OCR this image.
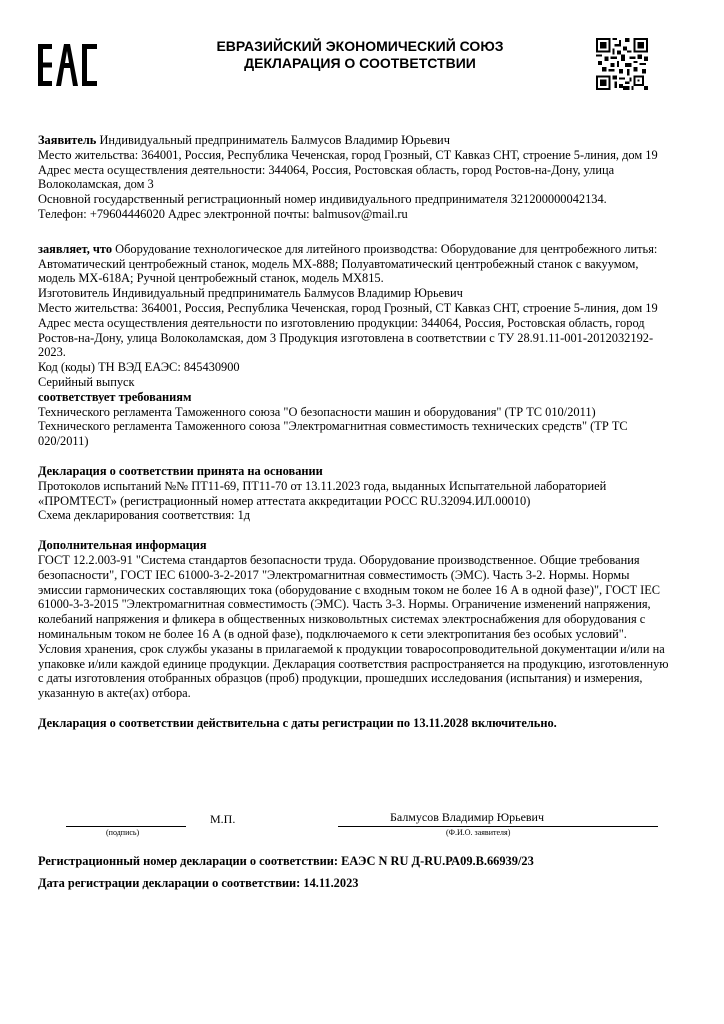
ЕВРАЗИЙСКИЙ ЭКОНОМИЧЕСКИЙ СОЮЗ
ДЕКЛАРАЦИЯ О СООТВЕТСТВИИ

Заявитель Индивидуальный предприниматель Балмусов Владимир Юрьевич

Место жительства: 364001, Россия, Республика Чеченская, город Грозный, СТ Кавказ СНТ, строение 5-линия, дом 19

Адрес места осуществления деятельности: 344064, Россия, Ростовская область, город Ростов-на-Дону, улица Волоколамская, дом 3

Основной государственный регистрационный номер индивидуального предпринимателя 321200000042134.

Телефон: +79604446020 Адрес электронной почты: balmusov@mail.ru

заявляет, что Оборудование технологическое для литейного производства: Оборудование для центробежного литья: Автоматический центробежный станок, модель MX-888; Полуавтоматический центробежный станок с вакуумом, модель MX-618A; Ручной центробежный станок, модель MX815.

Изготовитель Индивидуальный предприниматель Балмусов Владимир Юрьевич

Место жительства: 364001, Россия, Республика Чеченская, город Грозный, СТ Кавказ СНТ, строение 5-линия, дом 19

Адрес места осуществления деятельности по изготовлению продукции: 344064, Россия, Ростовская область, город Ростов-на-Дону, улица Волоколамская, дом 3 Продукция изготовлена в соответствии с ТУ 28.91.11-001-2012032192-2023.

Код (коды) ТН ВЭД ЕАЭС: 845430900

Серийный выпуск

соответствует требованиям

Технического регламента Таможенного союза "О безопасности машин и оборудования" (ТР ТС 010/2011)

Технического регламента Таможенного союза "Электромагнитная совместимость технических средств" (ТР ТС 020/2011)

Декларация о соответствии принята на основании

Протоколов испытаний №№ ПТ11-69, ПТ11-70 от 13.11.2023 года, выданных Испытательной лабораторией «ПРОМТЕСТ» (регистрационный номер аттестата аккредитации РОСС RU.32094.ИЛ.00010)

Схема декларирования соответствия: 1д

Дополнительная информация

ГОСТ 12.2.003-91 "Система стандартов безопасности труда. Оборудование производственное. Общие требования безопасности", ГОСТ IEC 61000-3-2-2017 "Электромагнитная совместимость (ЭМС). Часть 3-2. Нормы. Нормы эмиссии гармонических составляющих тока (оборудование с входным током не более 16 А в одной фазе)", ГОСТ IEC 61000-3-3-2015 "Электромагнитная совместимость (ЭМС). Часть 3-3. Нормы. Ограничение изменений напряжения, колебаний напряжения и фликера в общественных низковольтных системах электроснабжения для оборудования с номинальным током не более 16 А (в одной фазе), подключаемого к сети электропитания без особых условий". Условия хранения, срок службы указаны в прилагаемой к продукции товаросопроводительной документации и/или на упаковке и/или каждой единице продукции. Декларация соответствия распространяется на продукцию, изготовленную с даты изготовления отобранных образцов (проб) продукции, прошедших исследования (испытания) и измерения, указанную в акте(ах) отбора.

Декларация о соответствии действительна с даты регистрации по 13.11.2028 включительно.

(подпись)
М.П.	Балмусов Владимир Юрьевич
(Ф.И.О. заявителя)
Регистрационный номер декларации о соответствии: ЕАЭС N RU Д-RU.РА09.В.66939/23
Дата регистрации декларации о соответствии: 14.11.2023
